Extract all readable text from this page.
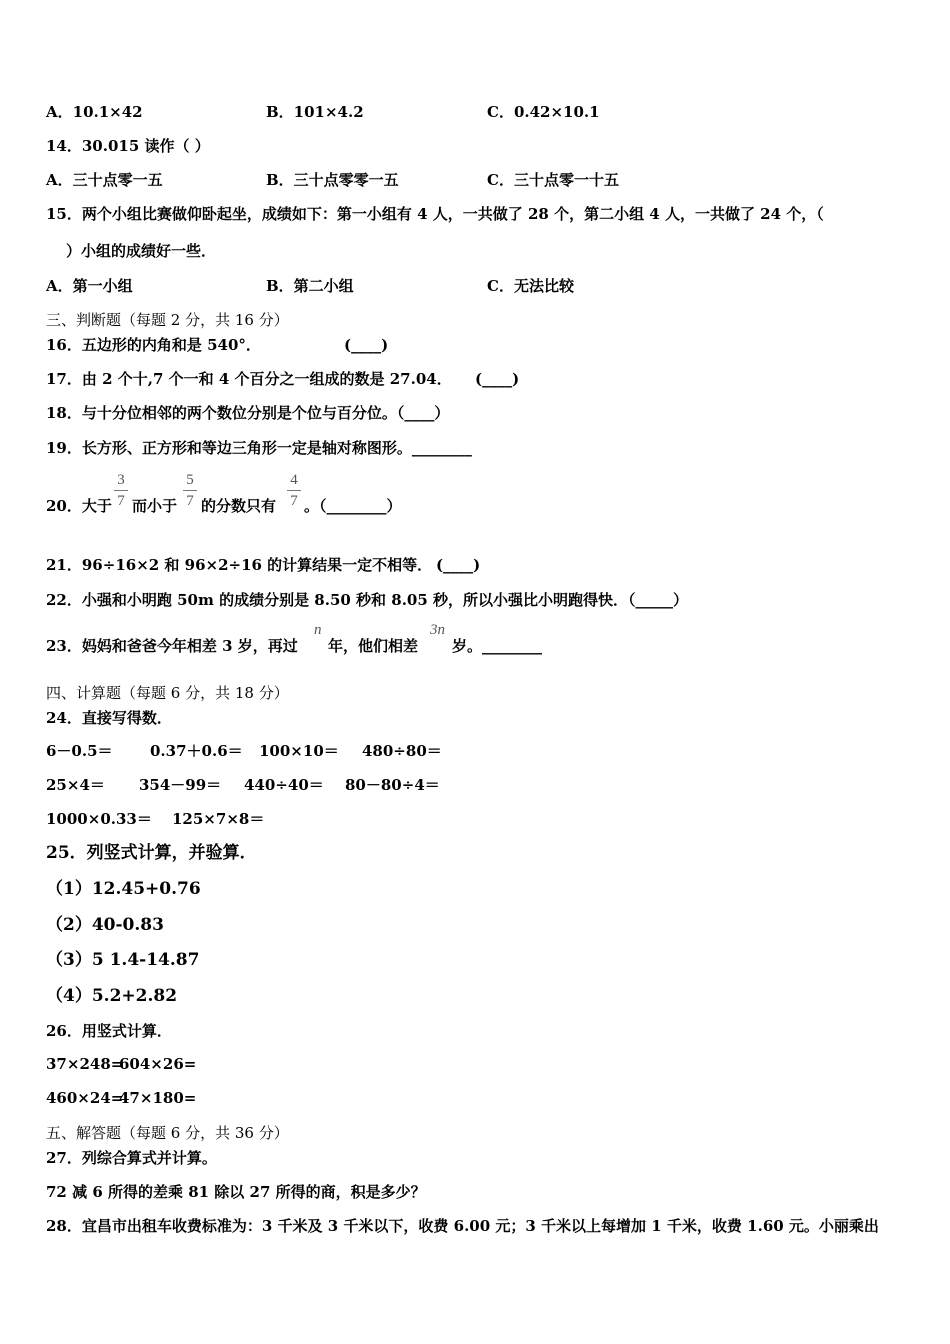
A．10.1×42	B．101×4.2	C．0.42×10.1
14．30.015 读作（ ）
A．三十点零一五	B．三十点零零一五	C．三十点零一十五
15．两个小组比赛做仰卧起坐，成绩如下：第一小组有 4 人，一共做了 28 个，第二小组 4 人，一共做了 24 个，（
）小组的成绩好一些．
A．第一小组	B．第二小组	C．无法比较
三、判断题（每题 2 分，共 16 分）
16．五边形的内角和是 540°．	(____)
17．由 2 个十,7 个一和 4 个百分之一组成的数是 27.04． (____)
18．与十分位相邻的两个数位分别是个位与百分位。（____）
19．长方形、正方形和等边三角形一定是轴对称图形。________
20．大于
3
7 而小于
5
7 的分数只有
4
7 。（________）
21．96÷16×2 和 96×2÷16 的计算结果一定不相等． (____)
22．小强和小明跑 50m 的成绩分别是 8.50 秒和 8.05 秒，所以小强比小明跑得快．（_____）
23．妈妈和爸爸今年相差 3 岁，再过
n
年，他们相差
3n
岁。________
四、计算题（每题 6 分，共 18 分）
24．直接写得数．
6－0.5＝ 0.37＋0.6＝ 100×10＝ 480÷80＝
25×4＝ 354－99＝ 440÷40＝ 80－80÷4＝
1000×0.33＝ 125×7×8＝
25．列竖式计算，并验算．
（1）12.45+0.76
（2）40-0.83
（3）5 1.4-14.87
（4）5.2+2.82
26．用竖式计算．
37×248=
604×26=
460×24=
47×180=
五、解答题（每题 6 分，共 36 分）
27．列综合算式并计算。
72 减 6 所得的差乘 81 除以 27 所得的商，积是多少？
28．宜昌市出租车收费标准为：3 千米及 3 千米以下，收费 6.00 元；3 千米以上每增加 1 千米，收费 1.60 元。小丽乘出
